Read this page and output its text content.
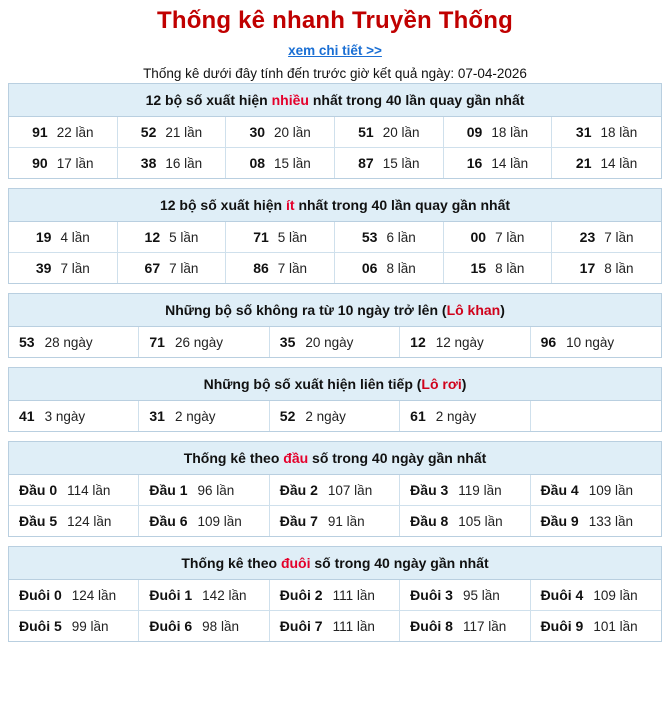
Thống kê nhanh Truyền Thống
xem chi tiết >>
Thống kê dưới đây tính đến trước giờ kết quả ngày: 07-04-2026
12 bộ số xuất hiện nhiều nhất trong 40 lần quay gần nhất
91 22 lần	52 21 lần	30 20 lần	51 20 lần	09 18 lần	31 18 lần
90 17 lần	38 16 lần	08 15 lần	87 15 lần	16 14 lần	21 14 lần
12 bộ số xuất hiện ít nhất trong 40 lần quay gần nhất
19 4 lần	12 5 lần	71 5 lần	53 6 lần	00 7 lần	23 7 lần
39 7 lần	67 7 lần	86 7 lần	06 8 lần	15 8 lần	17 8 lần
Những bộ số không ra từ 10 ngày trở lên (Lô khan)
53 28 ngày	71 26 ngày	35 20 ngày	12 12 ngày	96 10 ngày
Những bộ số xuất hiện liên tiếp (Lô rơi)
41 3 ngày	31 2 ngày	52 2 ngày	61 2 ngày
Thống kê theo đầu số trong 40 ngày gần nhất
Đầu 0 114 lần	Đầu 1 96 lần	Đầu 2 107 lần	Đầu 3 119 lần	Đầu 4 109 lần
Đầu 5 124 lần	Đầu 6 109 lần	Đầu 7 91 lần	Đầu 8 105 lần	Đầu 9 133 lần
Thống kê theo đuôi số trong 40 ngày gần nhất
Đuôi 0 124 lần Đuôi 1 142 lần Đuôi 2 111 lần	Đuôi 3 95 lần	Đuôi 4 109 lần
Đuôi 5 99 lần	Đuôi 6 98 lần	Đuôi 7 111 lần	Đuôi 8 117 lần Đuôi 9 101 lần
